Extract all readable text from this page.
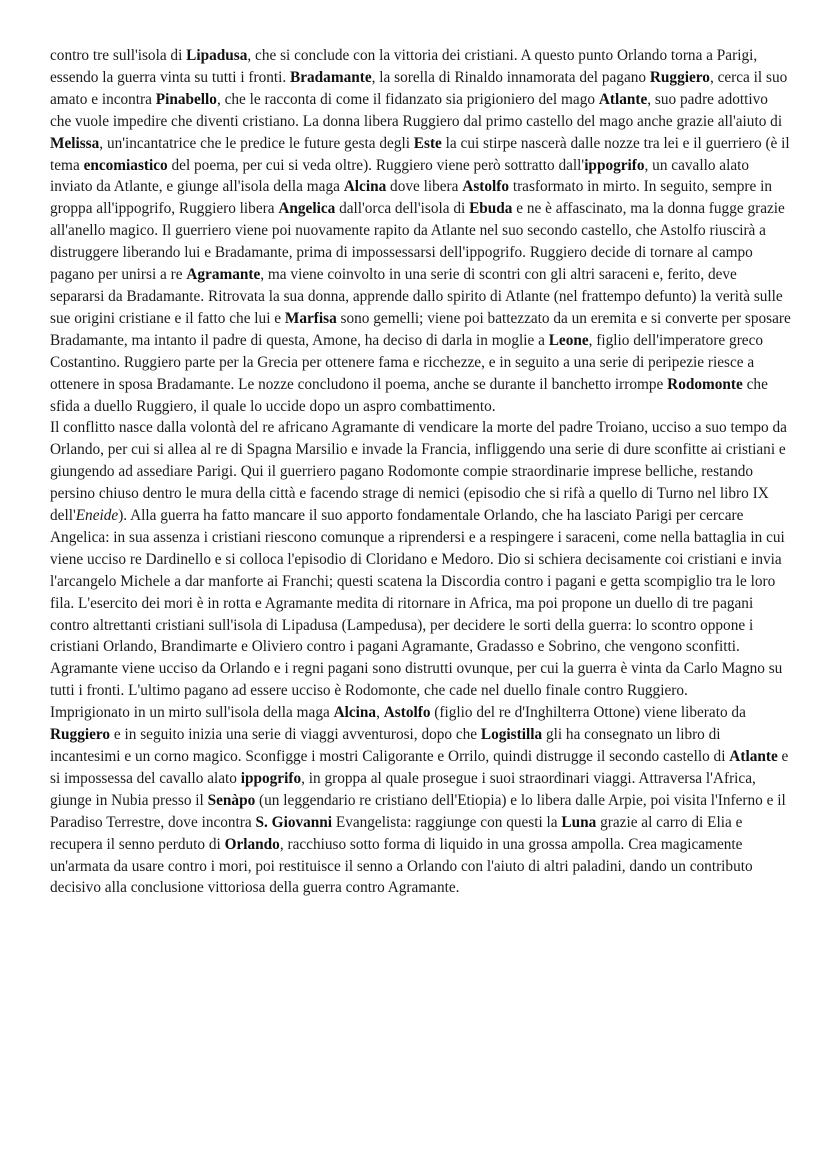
contro tre sull'isola di Lipadusa, che si conclude con la vittoria dei cristiani. A questo punto Orlando torna a Parigi, essendo la guerra vinta su tutti i fronti. Bradamante, la sorella di Rinaldo innamorata del pagano Ruggiero, cerca il suo amato e incontra Pinabello, che le racconta di come il fidanzato sia prigioniero del mago Atlante, suo padre adottivo che vuole impedire che diventi cristiano. La donna libera Ruggiero dal primo castello del mago anche grazie all'aiuto di Melissa, un'incantatrice che le predice le future gesta degli Este la cui stirpe nascerà dalle nozze tra lei e il guerriero (è il tema encomiastico del poema, per cui si veda oltre). Ruggiero viene però sottratto dall'ippogrifo, un cavallo alato inviato da Atlante, e giunge all'isola della maga Alcina dove libera Astolfo trasformato in mirto. In seguito, sempre in groppa all'ippogrifo, Ruggiero libera Angelica dall'orca dell'isola di Ebuda e ne è affascinato, ma la donna fugge grazie all'anello magico. Il guerriero viene poi nuovamente rapito da Atlante nel suo secondo castello, che Astolfo riuscirà a distruggere liberando lui e Bradamante, prima di impossessarsi dell'ippogrifo. Ruggiero decide di tornare al campo pagano per unirsi a re Agramante, ma viene coinvolto in una serie di scontri con gli altri saraceni e, ferito, deve separarsi da Bradamante. Ritrovata la sua donna, apprende dallo spirito di Atlante (nel frattempo defunto) la verità sulle sue origini cristiane e il fatto che lui e Marfisa sono gemelli; viene poi battezzato da un eremita e si converte per sposare Bradamante, ma intanto il padre di questa, Amone, ha deciso di darla in moglie a Leone, figlio dell'imperatore greco Costantino. Ruggiero parte per la Grecia per ottenere fama e ricchezze, e in seguito a una serie di peripezie riesce a ottenere in sposa Bradamante. Le nozze concludono il poema, anche se durante il banchetto irrompe Rodomonte che sfida a duello Ruggiero, il quale lo uccide dopo un aspro combattimento.

Il conflitto nasce dalla volontà del re africano Agramante di vendicare la morte del padre Troiano, ucciso a suo tempo da Orlando, per cui si allea al re di Spagna Marsilio e invade la Francia, infliggendo una serie di dure sconfitte ai cristiani e giungendo ad assediare Parigi. Qui il guerriero pagano Rodomonte compie straordinarie imprese belliche, restando persino chiuso dentro le mura della città e facendo strage di nemici (episodio che si rifà a quello di Turno nel libro IX dell'Eneide). Alla guerra ha fatto mancare il suo apporto fondamentale Orlando, che ha lasciato Parigi per cercare Angelica: in sua assenza i cristiani riescono comunque a riprendersi e a respingere i saraceni, come nella battaglia in cui viene ucciso re Dardinello e si colloca l'episodio di Cloridano e Medoro. Dio si schiera decisamente coi cristiani e invia l'arcangelo Michele a dar manforte ai Franchi; questi scatena la Discordia contro i pagani e getta scompiglio tra le loro fila. L'esercito dei mori è in rotta e Agramante medita di ritornare in Africa, ma poi propone un duello di tre pagani contro altrettanti cristiani sull'isola di Lipadusa (Lampedusa), per decidere le sorti della guerra: lo scontro oppone i cristiani Orlando, Brandimarte e Oliviero contro i pagani Agramante, Gradasso e Sobrino, che vengono sconfitti. Agramante viene ucciso da Orlando e i regni pagani sono distrutti ovunque, per cui la guerra è vinta da Carlo Magno su tutti i fronti. L'ultimo pagano ad essere ucciso è Rodomonte, che cade nel duello finale contro Ruggiero.

Imprigionato in un mirto sull'isola della maga Alcina, Astolfo (figlio del re d'Inghilterra Ottone) viene liberato da Ruggiero e in seguito inizia una serie di viaggi avventurosi, dopo che Logistilla gli ha consegnato un libro di incantesimi e un corno magico. Sconfigge i mostri Caligorante e Orrilo, quindi distrugge il secondo castello di Atlante e si impossessa del cavallo alato ippogrifo, in groppa al quale prosegue i suoi straordinari viaggi. Attraversa l'Africa, giunge in Nubia presso il Senàpo (un leggendario re cristiano dell'Etiopia) e lo libera dalle Arpie, poi visita l'Inferno e il Paradiso Terrestre, dove incontra S. Giovanni Evangelista: raggiunge con questi la Luna grazie al carro di Elia e recupera il senno perduto di Orlando, racchiuso sotto forma di liquido in una grossa ampolla. Crea magicamente un'armata da usare contro i mori, poi restituisce il senno a Orlando con l'aiuto di altri paladini, dando un contributo decisivo alla conclusione vittoriosa della guerra contro Agramante.
